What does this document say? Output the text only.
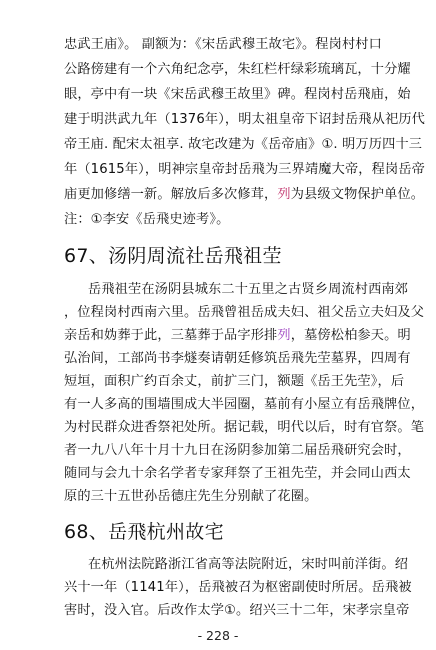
忠武王庙》。 副额为：《宋岳武穆王故宅》。程岗村村口
公路傍建有一个六角纪念亭，朱红栏杆绿彩琉璃瓦，十分耀
眼，亭中有一块《宋岳武穆王故里》碑。程岗村岳飛庙，始
建于明洪武九年（1376年），明太祖皇帝下诏封岳飛从祀历代
帝王庙. 配宋太祖享. 故宅改建为《岳帝庙》①. 明万历四十三
年（1615年），明神宗皇帝封岳飛为三界靖魔大帝，程岗岳帝
庙更加修缮一新。解放后多次修茸，列为县级文物保护单位。
注：①李安《岳飛史迹考》。
67、汤阴周流社岳飛祖茔
岳飛祖茔在汤阴县城东二十五里之古贤乡周流村西南郊
，位程岗村西南六里。岳飛曾祖岳成夫妇、祖父岳立夫妇及父
亲岳和妫葬于此，三墓葬于品字形排列，墓傍松柏参天。明
弘治间，工部尚书李燧奏请朝廷修筑岳飛先茔墓界，四周有
短垣，面积广约百余丈，前扩三门，额题《岳王先茔》，后
有一人多高的围墙围成大半园圈，墓前有小屋立有岳飛牌位，
为村民群众进香祭祀处所。据记载，明代以后，时有官祭。笔
者一九八八年十月十九日在汤阴参加第二届岳飛研究会时，
随同与会九十余名学者专家拜祭了王祖先茔，并会同山西太
原的三十五世孙岳德庄先生分别献了花圈。
68、岳飛杭州故宅
在杭州法院路浙江省高等法院附近，宋时叫前洋街。绍
兴十一年（1141年），岳飛被召为枢密副使时所居。岳飛被
害时，没入官。后改作太学①。绍兴三十二年，宋孝宗皇帝
- 228 -
